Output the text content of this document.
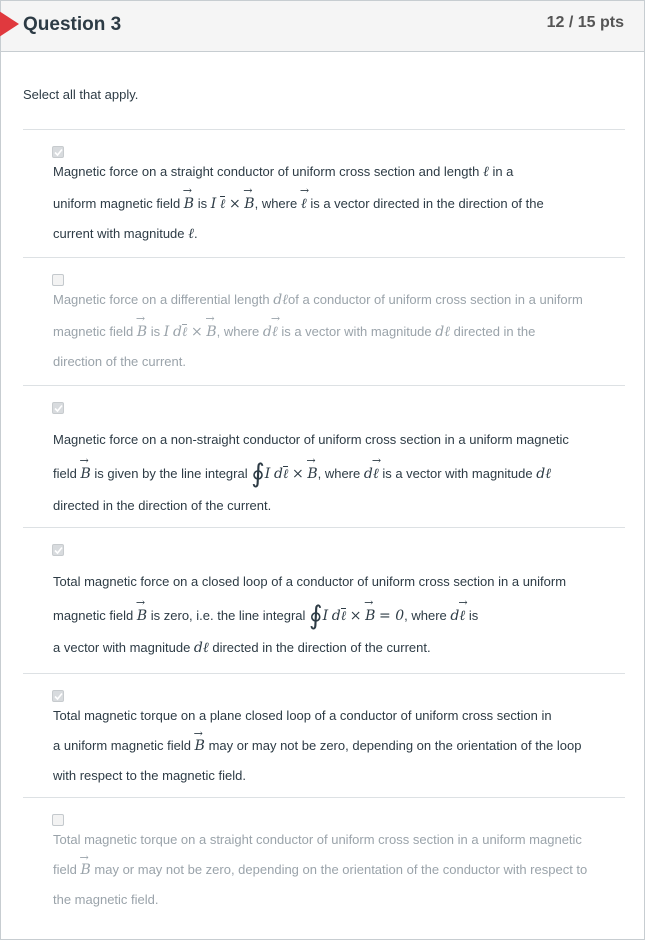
Question 3	12 / 15 pts
Select all that apply.
Magnetic force on a straight conductor of uniform cross section and length ℓ in a
uniform magnetic field → B is I ℓ × → B, where → ℓ is a vector directed in the direction of the
current with magnitude ℓ.
Magnetic force on a differential length dℓof a conductor of uniform cross section in a uniform
magnetic field → B is I dℓ × → B, where d→ ℓ is a vector with magnitude dℓ directed in the
direction of the current.
Magnetic force on a non-straight conductor of uniform cross section in a uniform magnetic
field → B is given by the line integral ∮I dℓ × → B, where d→ ℓ is a vector with magnitude dℓ
directed in the direction of the current.
Total magnetic force on a closed loop of a conductor of uniform cross section in a uniform
magnetic field → B is zero, i.e. the line integral ∮I dℓ × → B = 0, where d→ ℓ is
a vector with magnitude dℓ directed in the direction of the current.
Total magnetic torque on a plane closed loop of a conductor of uniform cross section in
a uniform magnetic field → B may or may not be zero, depending on the orientation of the loop
with respect to the magnetic field.
Total magnetic torque on a straight conductor of uniform cross section in a uniform magnetic
field → B may or may not be zero, depending on the orientation of the conductor with respect to
the magnetic field.
